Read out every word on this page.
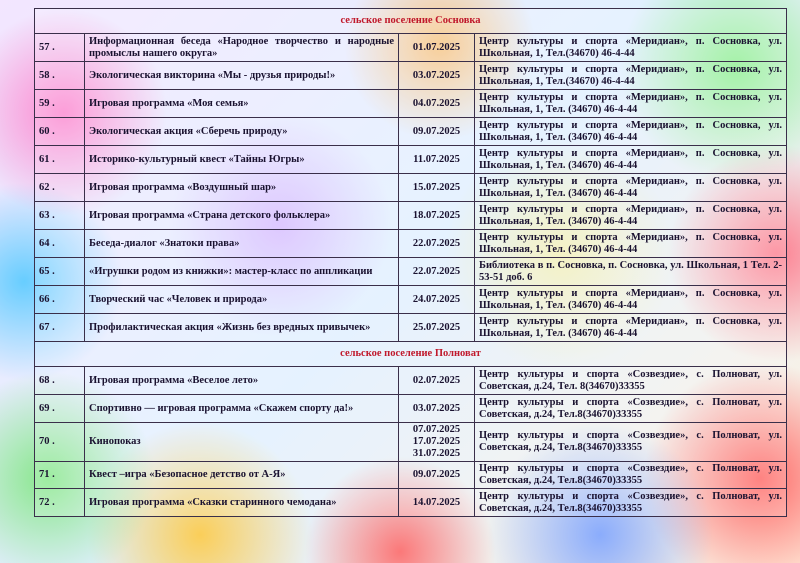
сельское поселение Сосновка			
57 .	Информационная беседа «Народное творчество и народные промыслы нашего округа»	01.07.2025	Центр культуры и спорта «Меридиан», п. Сосновка, ул. Школьная, 1, Тел.(34670) 46-4-44
58 .	Экологическая викторина «Мы - друзья природы!»	03.07.2025	Центр культуры и спорта «Меридиан», п. Сосновка, ул. Школьная, 1, Тел.(34670) 46-4-44
59 .	Игровая программа «Моя семья»	04.07.2025	Центр культуры и спорта «Меридиан», п. Сосновка, ул. Школьная, 1, Тел. (34670) 46-4-44
60 .	Экологическая акция «Сберечь природу»	09.07.2025	Центр культуры и спорта «Меридиан», п. Сосновка, ул. Школьная, 1, Тел. (34670) 46-4-44
61 .	Историко-культурный квест «Тайны Югры»	11.07.2025	Центр культуры и спорта «Меридиан», п. Сосновка, ул. Школьная, 1, Тел. (34670) 46-4-44
62 .	Игровая программа «Воздушный шар»	15.07.2025	Центр культуры и спорта «Меридиан», п. Сосновка, ул. Школьная, 1, Тел. (34670) 46-4-44
63 .	Игровая программа «Страна детского фольклера»	18.07.2025	Центр культуры и спорта «Меридиан», п. Сосновка, ул. Школьная, 1, Тел. (34670) 46-4-44
64 .	Беседа-диалог «Знатоки права»	22.07.2025	Центр культуры и спорта «Меридиан», п. Сосновка, ул. Школьная, 1, Тел. (34670) 46-4-44
65 .	«Игрушки родом из книжки»: мастер-класс по аппликации	22.07.2025	Библиотека в п. Сосновка, п. Сосновка, ул. Школьная, 1 Тел. 2-53-51 доб. 6
66 .	Творческий час «Человек и природа»	24.07.2025	Центр культуры и спорта «Меридиан», п. Сосновка, ул. Школьная, 1, Тел. (34670) 46-4-44
67 .	Профилактическая акция «Жизнь без вредных привычек»	25.07.2025	Центр культуры и спорта «Меридиан», п. Сосновка, ул. Школьная, 1, Тел. (34670) 46-4-44
сельское поселение Полноват			
68 .	Игровая программа «Веселое лето»	02.07.2025	Центр культуры и спорта «Созвездие», с. Полноват, ул. Советская, д.24, Тел. 8(34670)33355
69 .	Спортивно — игровая программа «Скажем спорту да!»	03.07.2025	Центр культуры и спорта «Созвездие», с. Полноват, ул. Советская, д.24, Тел.8(34670)33355
70 .	Кинопоказ	07.07.2025
17.07.2025
31.07.2025	Центр культуры и спорта «Созвездие», с. Полноват, ул. Советская, д.24, Тел.8(34670)33355
71 .	Квест –игра «Безопасное детство от А-Я»	09.07.2025	Центр культуры и спорта «Созвездие», с. Полноват, ул. Советская, д.24, Тел.8(34670)33355
72 .	Игровая программа «Сказки старинного чемодана»	14.07.2025	Центр культуры и спорта «Созвездие», с. Полноват, ул. Советская, д.24, Тел.8(34670)33355
